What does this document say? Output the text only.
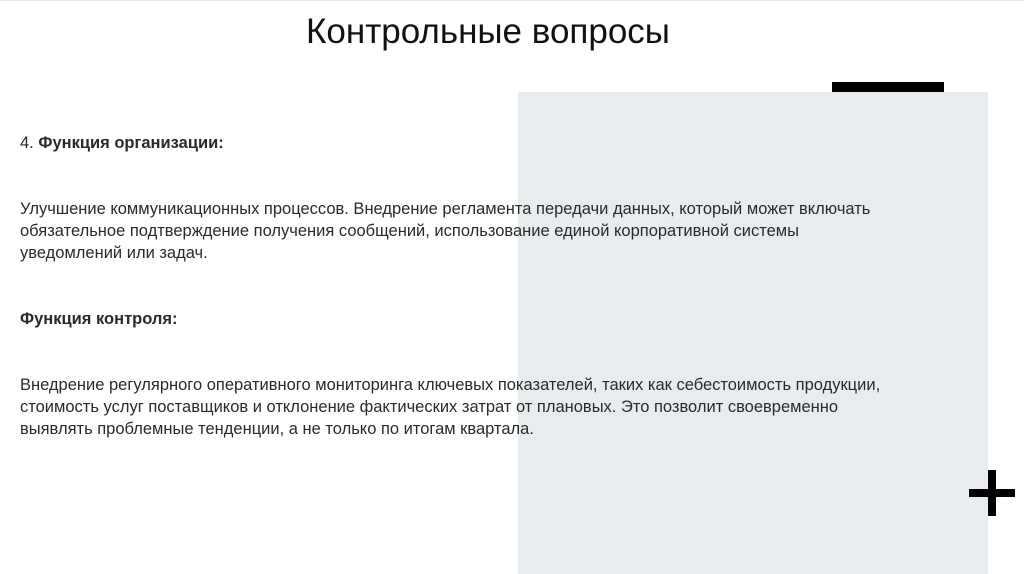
Контрольные вопросы

4. Функция организации:

Улучшение коммуникационных процессов. Внедрение регламента передачи данных, который может включать обязательное подтверждение получения сообщений, использование единой корпоративной системы уведомлений или задач.

Функция контроля:

Внедрение регулярного оперативного мониторинга ключевых показателей, таких как себестоимость продукции, стоимость услуг поставщиков и отклонение фактических затрат от плановых. Это позволит своевременно выявлять проблемные тенденции, а не только по итогам квартала.
